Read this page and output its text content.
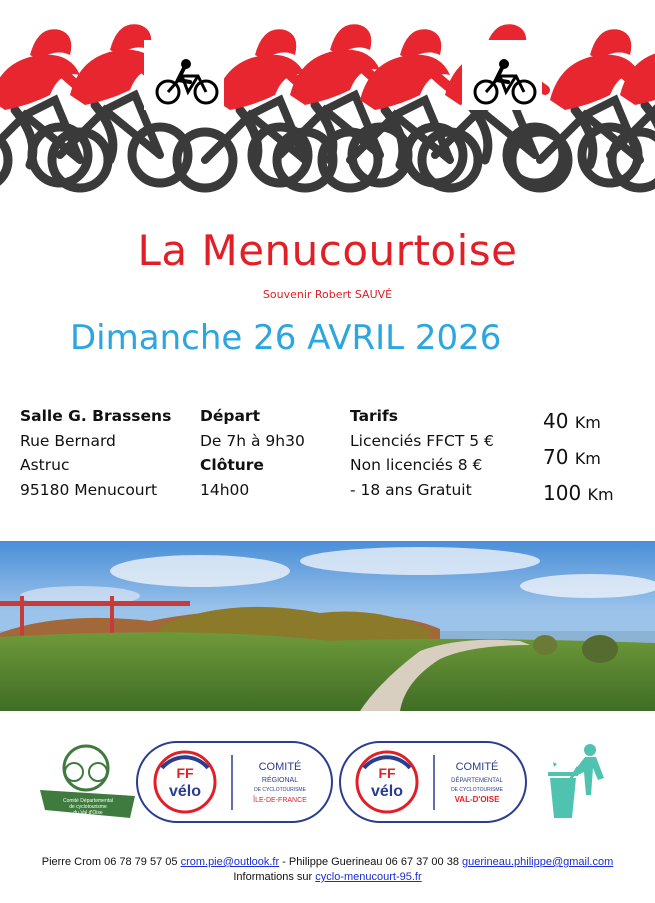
La Menucourtoise
Souvenir Robert SAUVÉ
Dimanche 26 AVRIL 2026
Salle G. Brassens
Rue Bernard
Astruc
95180 Menucourt
Départ
De 7h à 9h30
Clôture
14h00
Tarifs
Licenciés FFCT 5 €
Non licenciés 8 €
- 18 ans Gratuit
40 Km
70 Km
100 Km
Comité Départemental
de cyclotourisme
du Val d'Oise
FF
vélo
COMITÉ
RÉGIONAL
DE CYCLOTOURISME
ÎLE-DE-FRANCE
FF
vélo
COMITÉ
DÉPARTEMENTAL
DE CYCLOTOURISME
VAL-D'OISE
Pierre Crom 06 78 79 57 05 crom.pie@outlook.fr - Philippe Guerineau 06 67 37 00 38 guerineau.philippe@gmail.com
Informations sur cyclo-menucourt-95.fr
